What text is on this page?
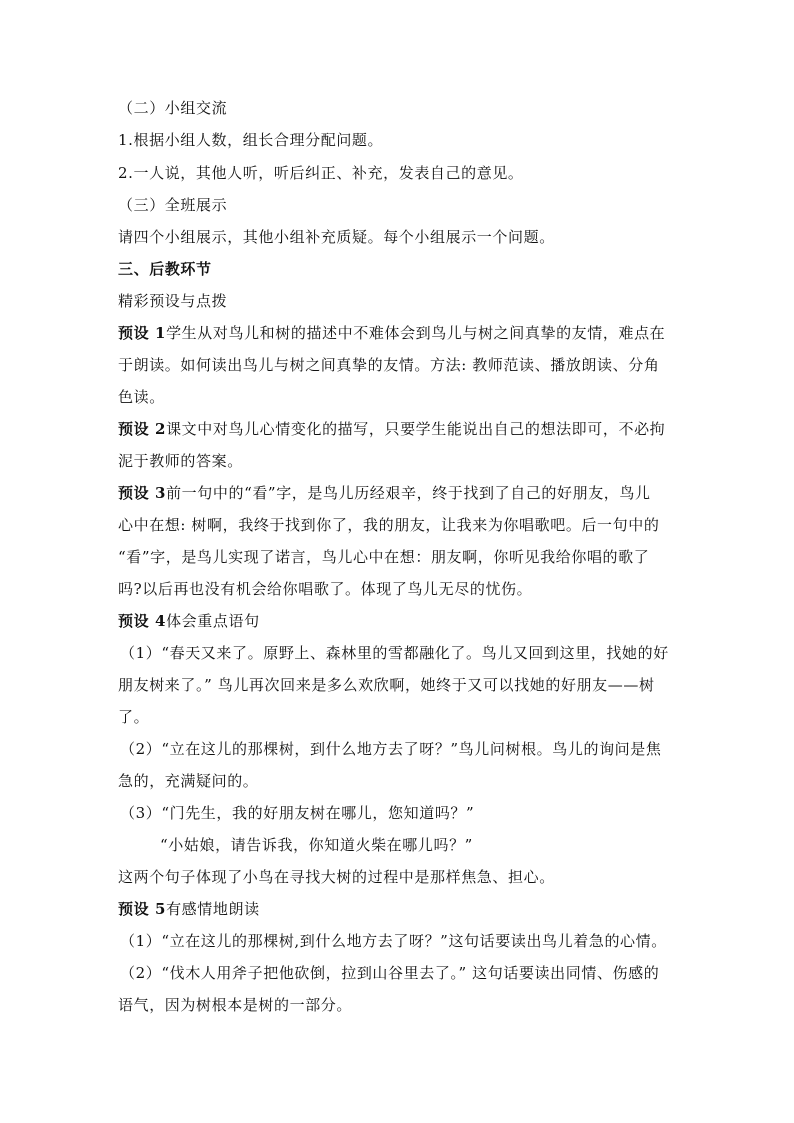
（二）小组交流
1.根据小组人数，组长合理分配问题。
2.一人说，其他人听，听后纠正、补充，发表自己的意见。
（三）全班展示
请四个小组展示，其他小组补充质疑。每个小组展示一个问题。
三、后教环节
精彩预设与点拨
预设 1学生从对鸟儿和树的描述中不难体会到鸟儿与树之间真挚的友情，难点在
于朗读。如何读出鸟儿与树之间真挚的友情。方法: 教师范读、播放朗读、分角
色读。
预设 2课文中对鸟儿心情变化的描写，只要学生能说出自己的想法即可，不必拘
泥于教师的答案。
预设 3前一句中的“看”字，是鸟儿历经艰辛，终于找到了自己的好朋友，鸟儿
心中在想: 树啊，我终于找到你了，我的朋友，让我来为你唱歌吧。后一句中的
“看”字，是鸟儿实现了诺言，鸟儿心中在想：朋友啊，你听见我给你唱的歌了
吗?以后再也没有机会给你唱歌了。体现了鸟儿无尽的忧伤。
预设 4体会重点语句
（1）“春天又来了。原野上、森林里的雪都融化了。鸟儿又回到这里，找她的好
朋友树来了。” 鸟儿再次回来是多么欢欣啊，她终于又可以找她的好朋友——树
了。
（2）“立在这儿的那棵树，到什么地方去了呀？”鸟儿问树根。鸟儿的询问是焦
急的，充满疑问的。
（3）“门先生，我的好朋友树在哪儿，您知道吗？”
“小姑娘，请告诉我，你知道火柴在哪儿吗？”
这两个句子体现了小鸟在寻找大树的过程中是那样焦急、担心。
预设 5有感情地朗读
（1）“立在这儿的那棵树,到什么地方去了呀？”这句话要读出鸟儿着急的心情。
（2）“伐木人用斧子把他砍倒，拉到山谷里去了。” 这句话要读出同情、伤感的
语气，因为树根本是树的一部分。
